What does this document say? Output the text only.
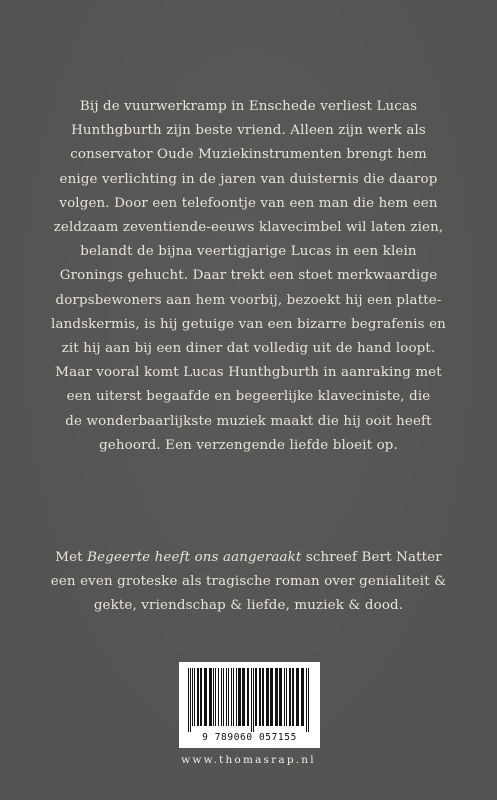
Bij de vuurwerkramp in Enschede verliest Lucas
Hunthgburth zijn beste vriend. Alleen zijn werk als
conservator Oude Muziekinstrumenten brengt hem
enige verlichting in de jaren van duisternis die daarop
volgen. Door een telefoontje van een man die hem een
zeldzaam zeventiende-eeuws klavecimbel wil laten zien,
belandt de bijna veertigjarige Lucas in een klein
Gronings gehucht. Daar trekt een stoet merkwaardige
dorpsbewoners aan hem voorbij, bezoekt hij een platte-
landskermis, is hij getuige van een bizarre begrafenis en
zit hij aan bij een diner dat volledig uit de hand loopt.
Maar vooral komt Lucas Hunthgburth in aanraking met
een uiterst begaafde en begeerlijke klaveciniste, die
de wonderbaarlijkste muziek maakt die hij ooit heeft
gehoord. Een verzengende liefde bloeit op.
Met Begeerte heeft ons aangeraakt schreef Bert Natter
een even groteske als tragische roman over genialiteit &
gekte, vriendschap & liefde, muziek & dood.
9 789060 057155
www.thomasrap.nl
